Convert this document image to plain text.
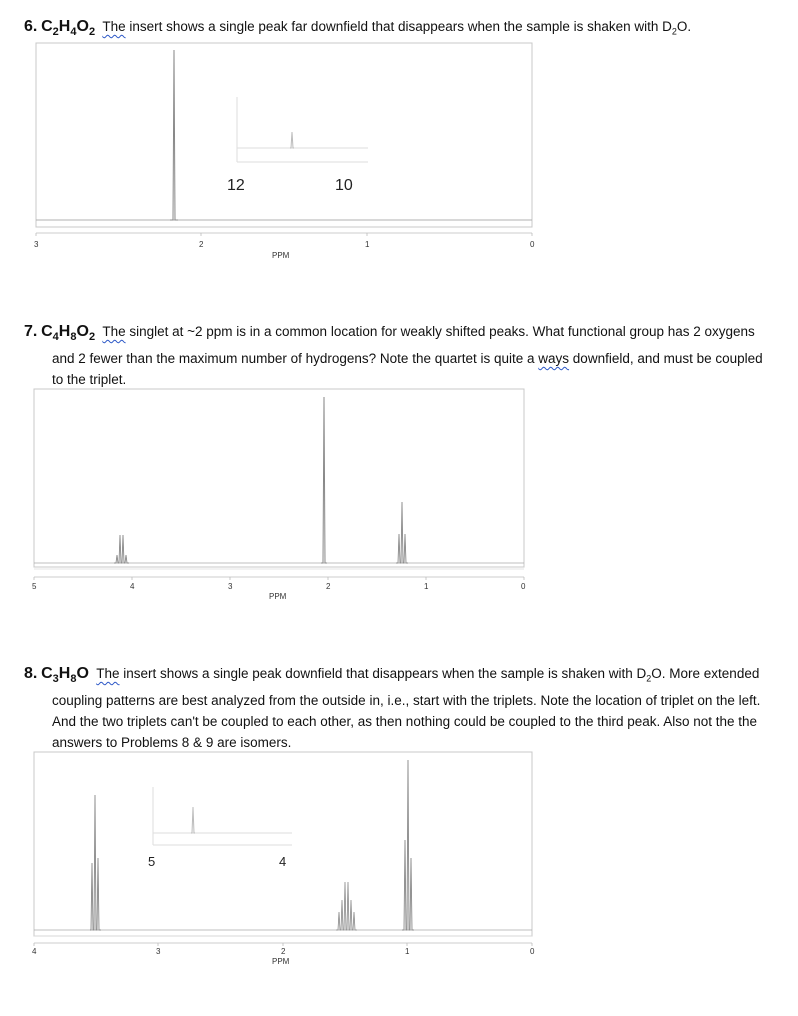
6. $C_2H_4O_2$ The insert shows a single peak far downfield that disappears when the sample is shaken with $D_2O$.
3	2	1	0
PPM
12	10
7. $C_4H_8O_2$ The singlet at ~2 ppm is in a common location for weakly shifted peaks. What functional group has 2 oxygens and 2 fewer than the maximum number of hydrogens? Note the quartet is quite a ways downfield, and must be coupled to the triplet.
5	4	3	2	1	0
PPM
8. $C_3H_8O$ The insert shows a single peak downfield that disappears when the sample is shaken with $D_2O$. More extended coupling patterns are best analyzed from the outside in, i.e., start with the triplets. Note the location of triplet on the left. And the two triplets can't be coupled to each other, as then nothing could be coupled to the third peak. Also not the the answers to Problems 8 & 9 are isomers.
5	4
4	3	2	1	0
PPM
